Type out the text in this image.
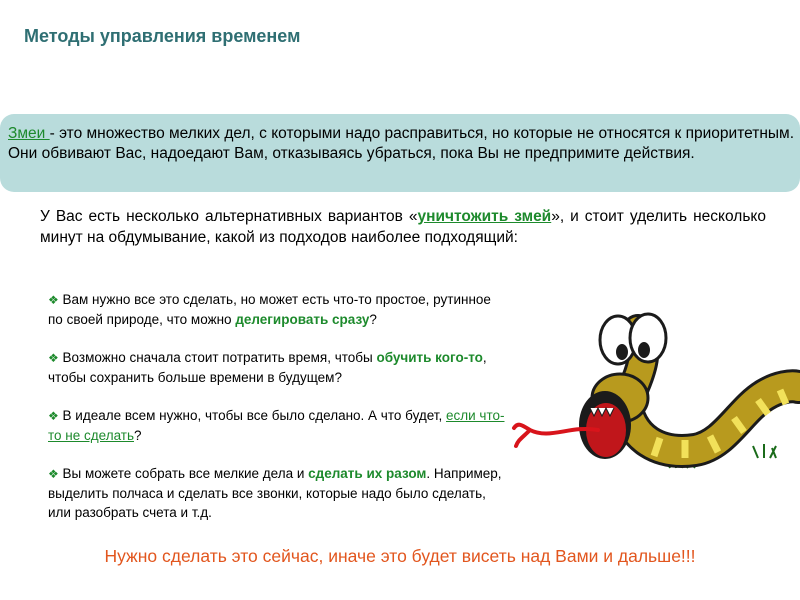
Методы управления временем
Змеи - это множество мелких дел, с которыми надо расправиться, но которые не относятся к приоритетным. Они обвивают Вас, надоедают Вам, отказываясь убраться, пока Вы не предпримите действия.
У Вас есть несколько альтернативных вариантов «уничтожить змей», и стоит уделить несколько минут на обдумывание, какой из подходов наиболее подходящий:

❖ Вам нужно все это сделать, но может есть что-то простое, рутинное по своей природе, что можно делегировать сразу?

❖ Возможно сначала стоит потратить время, чтобы обучить кого-то, чтобы сохранить больше времени в будущем?

❖ В идеале всем нужно, чтобы все было сделано. А что будет, если что-то не сделать?

❖ Вы можете собрать все мелкие дела и сделать их разом. Например, выделить полчаса и сделать все звонки, которые надо было сделать, или разобрать счета и т.д.

Нужно сделать это сейчас, иначе это будет висеть над Вами и дальше!!!
